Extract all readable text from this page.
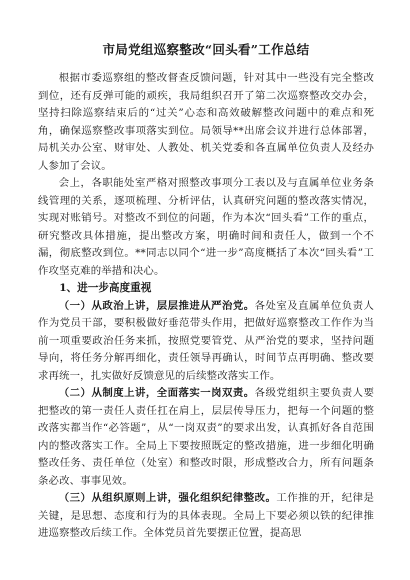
市局党组巡察整改“回头看”工作总结

根据市委巡察组的整改督查反馈问题，针对其中一些没有完全整改到位，还有反弹可能的顽疾，我局组织召开了第二次巡察整改交办会，坚持扫除巡察结束后的“过关”心态和高效破解整改问题中的难点和死角，确保巡察整改事项落实到位。局领导**出席会议并进行总体部署，局机关办公室、财审处、人教处、机关党委和各直属单位负责人及经办人参加了会议。

会上，各职能处室严格对照整改事项分工表以及与直属单位业务条线管理的关系，逐项梳理、分析评估，认真研究问题的整改落实情况，实现对账销号。对整改不到位的问题，作为本次“回头看”工作的重点，研究整改具体措施，提出整改方案，明确时间和责任人，做到一个不漏，彻底整改到位。**同志以同个“进一步”高度概括了本次“回头看”工作攻坚克难的举措和决心。

1、进一步高度重视

（一）从政治上讲，层层推进从严治党。各处室及直属单位负责人作为党员干部，要积极做好垂范带头作用，把做好巡察整改工作作为当前一项重要政治任务来抓，按照党要管党、从严治党的要求，坚持问题导向，将任务分解再细化，责任领导再确认，时间节点再明确、整改要求再统一，扎实做好反馈意见的后续整改落实工作。

（二）从制度上讲，全面落实一岗双责。各级党组织主要负责人要把整改的第一责任人责任扛在肩上，层层传导压力，把每一个问题的整改落实都当作“必答题”，从“一岗双责”的要求出发，认真抓好各自范围内的整改落实工作。全局上下要按照既定的整改措施，进一步细化明确整改任务、责任单位（处室）和整改时限，形成整改合力，所有问题条条必改、事事见效。

（三）从组织原则上讲，强化组织纪律整改。工作推的开，纪律是关键，是思想、态度和行为的具体表现。全局上下要必须以铁的纪律推进巡察整改后续工作。全体党员首先要摆正位置，提高思
